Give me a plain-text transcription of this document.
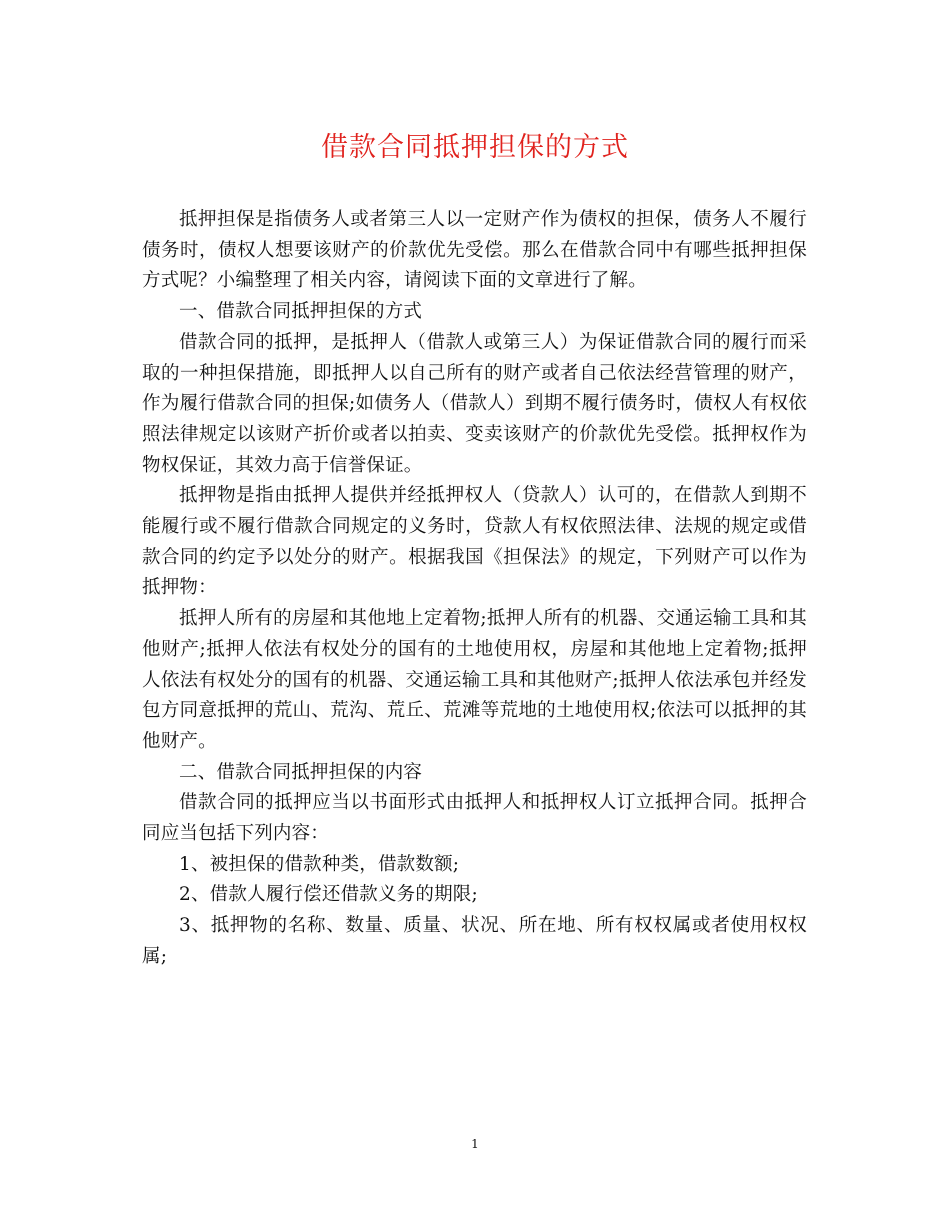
借款合同抵押担保的方式

抵押担保是指债务人或者第三人以一定财产作为债权的担保，债务人不履行债务时，债权人想要该财产的价款优先受偿。那么在借款合同中有哪些抵押担保方式呢？小编整理了相关内容，请阅读下面的文章进行了解。

一、借款合同抵押担保的方式

借款合同的抵押，是抵押人（借款人或第三人）为保证借款合同的履行而采取的一种担保措施，即抵押人以自己所有的财产或者自己依法经营管理的财产，作为履行借款合同的担保;如债务人（借款人）到期不履行债务时，债权人有权依照法律规定以该财产折价或者以拍卖、变卖该财产的价款优先受偿。抵押权作为物权保证，其效力高于信誉保证。

抵押物是指由抵押人提供并经抵押权人（贷款人）认可的，在借款人到期不能履行或不履行借款合同规定的义务时，贷款人有权依照法律、法规的规定或借款合同的约定予以处分的财产。根据我国《担保法》的规定，下列财产可以作为抵押物：

抵押人所有的房屋和其他地上定着物;抵押人所有的机器、交通运输工具和其他财产;抵押人依法有权处分的国有的土地使用权，房屋和其他地上定着物;抵押人依法有权处分的国有的机器、交通运输工具和其他财产;抵押人依法承包并经发包方同意抵押的荒山、荒沟、荒丘、荒滩等荒地的土地使用权;依法可以抵押的其他财产。

二、借款合同抵押担保的内容

借款合同的抵押应当以书面形式由抵押人和抵押权人订立抵押合同。抵押合同应当包括下列内容：

1、被担保的借款种类，借款数额;

2、借款人履行偿还借款义务的期限;

3、抵押物的名称、数量、质量、状况、所在地、所有权权属或者使用权权属;

1
